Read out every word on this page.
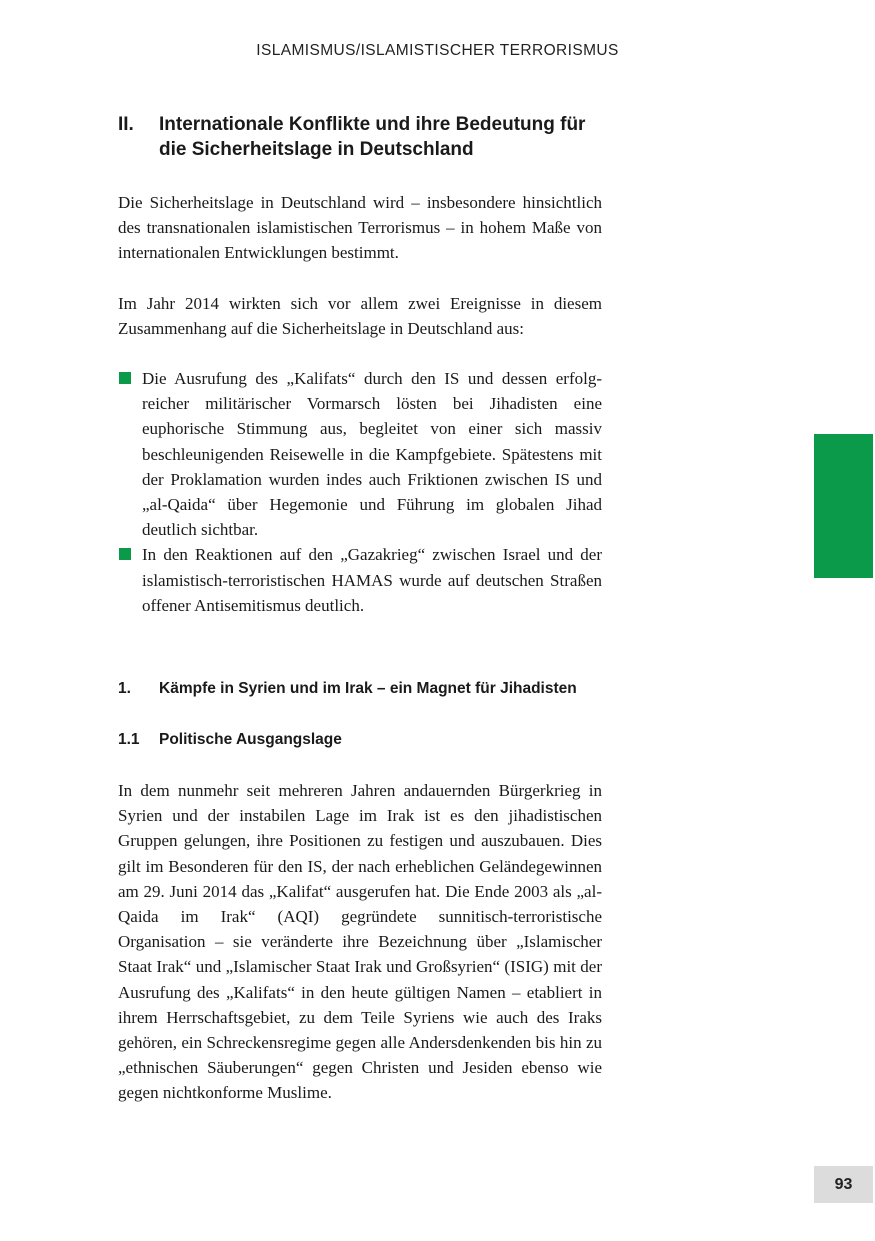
ISLAMISMUS/ISLAMISTISCHER TERRORISMUS
II.	Internationale Konflikte und ihre Bedeutung für die Sicherheitslage in Deutschland

Die Sicherheitslage in Deutschland wird – insbesondere hinsichtlich des transnationalen islamistischen Terrorismus – in hohem Maße von internationalen Entwicklungen bestimmt.

Im Jahr 2014 wirkten sich vor allem zwei Ereignisse in diesem Zusammenhang auf die Sicherheitslage in Deutschland aus:

Die Ausrufung des „Kalifats“ durch den IS und dessen erfolgreicher militärischer Vormarsch lösten bei Jihadisten eine euphorische Stimmung aus, begleitet von einer sich massiv beschleunigenden Reisewelle in die Kampfgebiete. Spätestens mit der Proklamation wurden indes auch Friktionen zwischen IS und „al-Qaida“ über Hegemonie und Führung im globalen Jihad deutlich sichtbar.
In den Reaktionen auf den „Gazakrieg“ zwischen Israel und der islamistisch-terroristischen HAMAS wurde auf deutschen Straßen offener Antisemitismus deutlich.
1.	Kämpfe in Syrien und im Irak – ein Magnet für Jihadisten
1.1	Politische Ausgangslage

In dem nunmehr seit mehreren Jahren andauernden Bürgerkrieg in Syrien und der instabilen Lage im Irak ist es den jihadistischen Gruppen gelungen, ihre Positionen zu festigen und auszubauen. Dies gilt im Besonderen für den IS, der nach erheblichen Geländegewinnen am 29. Juni 2014 das „Kalifat“ ausgerufen hat. Die Ende 2003 als „al-Qaida im Irak“ (AQI) gegründete sunnitisch-terroristische Organisation – sie veränderte ihre Bezeichnung über „Islamischer Staat Irak“ und „Islamischer Staat Irak und Großsyrien“ (ISIG) mit der Ausrufung des „Kalifats“ in den heute gültigen Namen – etabliert in ihrem Herrschaftsgebiet, zu dem Teile Syriens wie auch des Iraks gehören, ein Schreckensregime gegen alle Andersdenkenden bis hin zu „ethnischen Säuberungen“ gegen Christen und Jesiden ebenso wie gegen nichtkonforme Muslime.

93
